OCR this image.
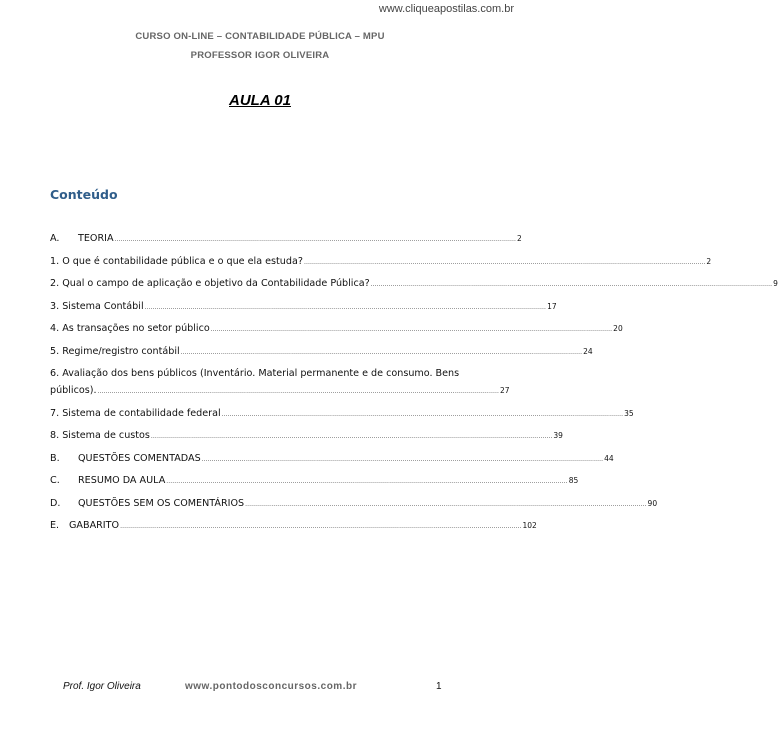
www.cliqueapostilas.com.br
CURSO ON-LINE – CONTABILIDADE PÚBLICA – MPU
PROFESSOR IGOR OLIVEIRA
AULA 01
Conteúdo
A.	TEORIA ........................................................................................................................................................................................................ 2
1. O que é contabilidade pública e o que ela estuda? ........................................................................................................................................................................................................ 2
2. Qual o campo de aplicação e objetivo da Contabilidade Pública? ........................................................................................................................................................................................................ 9
3. Sistema Contábil ........................................................................................................................................................................................................ 17
4. As transações no setor público ........................................................................................................................................................................................................ 20
5. Regime/registro contábil ........................................................................................................................................................................................................ 24
6. Avaliação dos bens públicos (Inventário. Material permanente e de consumo. Bens
públicos). ........................................................................................................................................................................................................ 27
7. Sistema de contabilidade federal ........................................................................................................................................................................................................ 35
8. Sistema de custos ........................................................................................................................................................................................................ 39
B.	QUESTÕES COMENTADAS ........................................................................................................................................................................................................ 44
C.	RESUMO DA AULA ........................................................................................................................................................................................................ 85
D.	QUESTÕES SEM OS COMENTÁRIOS ........................................................................................................................................................................................................ 90
E.	GABARITO ........................................................................................................................................................................................................ 102
Prof. Igor Oliveira	www.pontodosconcursos.com.br	1
